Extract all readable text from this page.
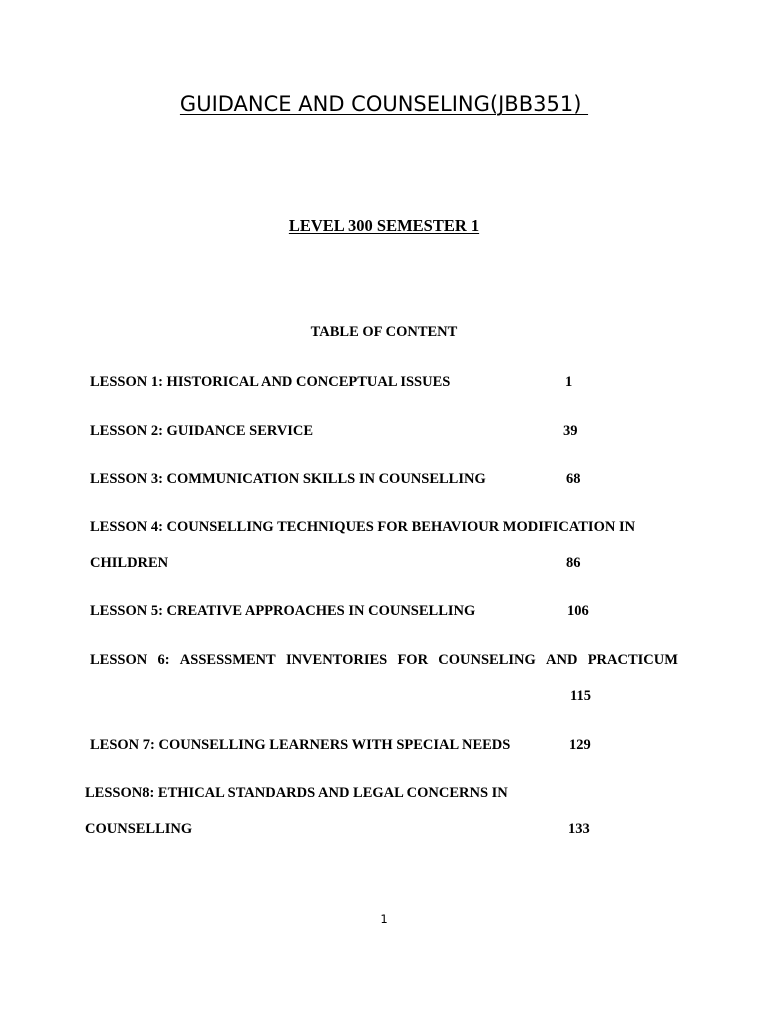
GUIDANCE AND COUNSELING(JBB351)
LEVEL 300 SEMESTER 1
TABLE OF CONTENT
LESSON 1: HISTORICAL AND CONCEPTUAL ISSUES	1
LESSON 2: GUIDANCE SERVICE	39
LESSON 3: COMMUNICATION SKILLS IN COUNSELLING	68
LESSON 4: COUNSELLING TECHNIQUES FOR BEHAVIOUR MODIFICATION IN
CHILDREN	86
LESSON 5: CREATIVE APPROACHES IN COUNSELLING	106
LESSON 6: ASSESSMENT INVENTORIES FOR COUNSELING AND PRACTICUM
115
LESON 7: COUNSELLING LEARNERS WITH SPECIAL NEEDS	129
LESSON8: ETHICAL STANDARDS AND LEGAL CONCERNS IN
COUNSELLING	133
1
